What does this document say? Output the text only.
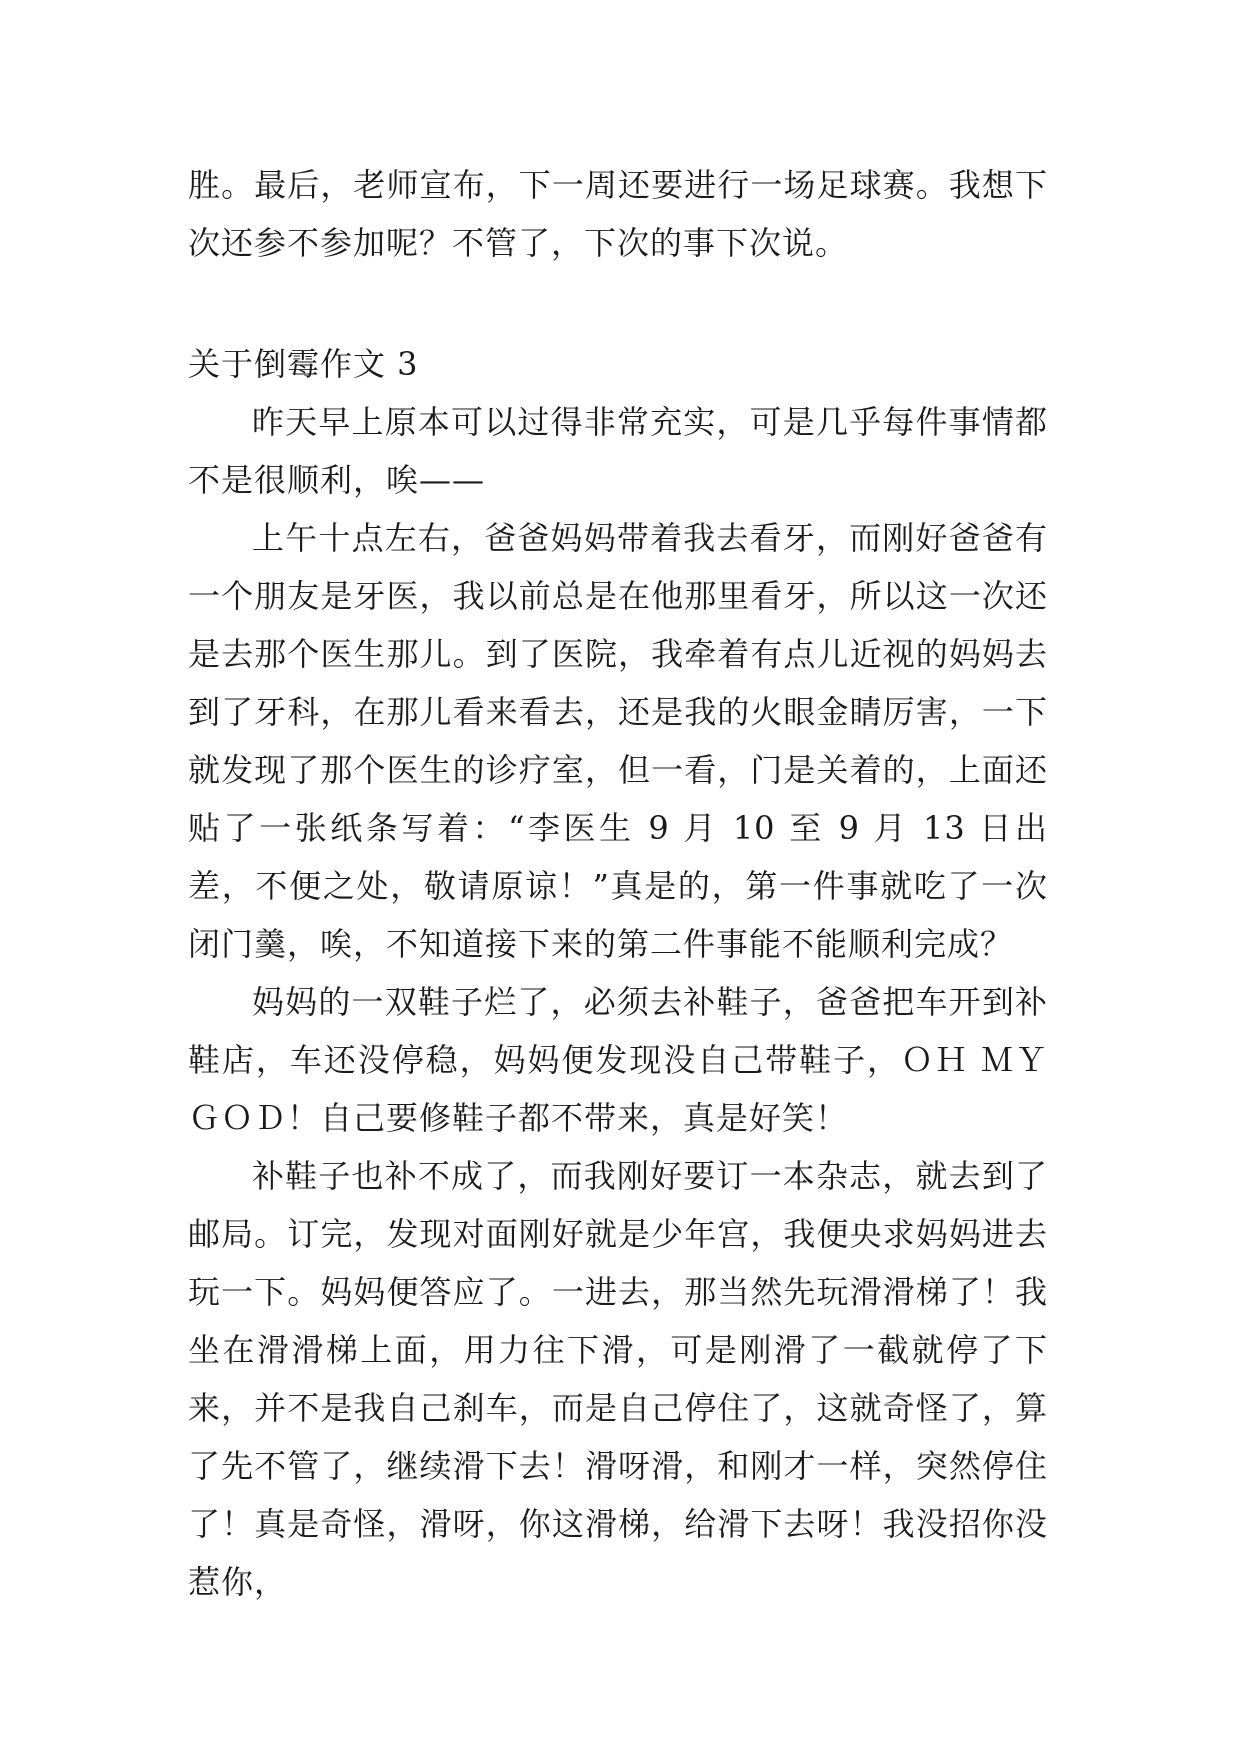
胜。最后，老师宣布，下一周还要进行一场足球赛。我想下次还参不参加呢？不管了，下次的事下次说。

关于倒霉作文 3

昨天早上原本可以过得非常充实，可是几乎每件事情都不是很顺利，唉——

上午十点左右，爸爸妈妈带着我去看牙，而刚好爸爸有一个朋友是牙医，我以前总是在他那里看牙，所以这一次还是去那个医生那儿。到了医院，我牵着有点儿近视的妈妈去到了牙科，在那儿看来看去，还是我的火眼金睛厉害，一下就发现了那个医生的诊疗室，但一看，门是关着的，上面还贴了一张纸条写着：“李医生 9 月 10 至 9 月 13 日出差，不便之处，敬请原谅！”真是的，第一件事就吃了一次闭门羹，唉，不知道接下来的第二件事能不能顺利完成？

妈妈的一双鞋子烂了，必须去补鞋子，爸爸把车开到补鞋店，车还没停稳，妈妈便发现没自己带鞋子，ＯＨ ＭＹ ＧＯＤ！自己要修鞋子都不带来，真是好笑！

补鞋子也补不成了，而我刚好要订一本杂志，就去到了邮局。订完，发现对面刚好就是少年宫，我便央求妈妈进去玩一下。妈妈便答应了。一进去，那当然先玩滑滑梯了！我坐在滑滑梯上面，用力往下滑，可是刚滑了一截就停了下来，并不是我自己刹车，而是自己停住了，这就奇怪了，算了先不管了，继续滑下去！滑呀滑，和刚才一样，突然停住了！真是奇怪，滑呀，你这滑梯，给滑下去呀！我没招你没惹你，
